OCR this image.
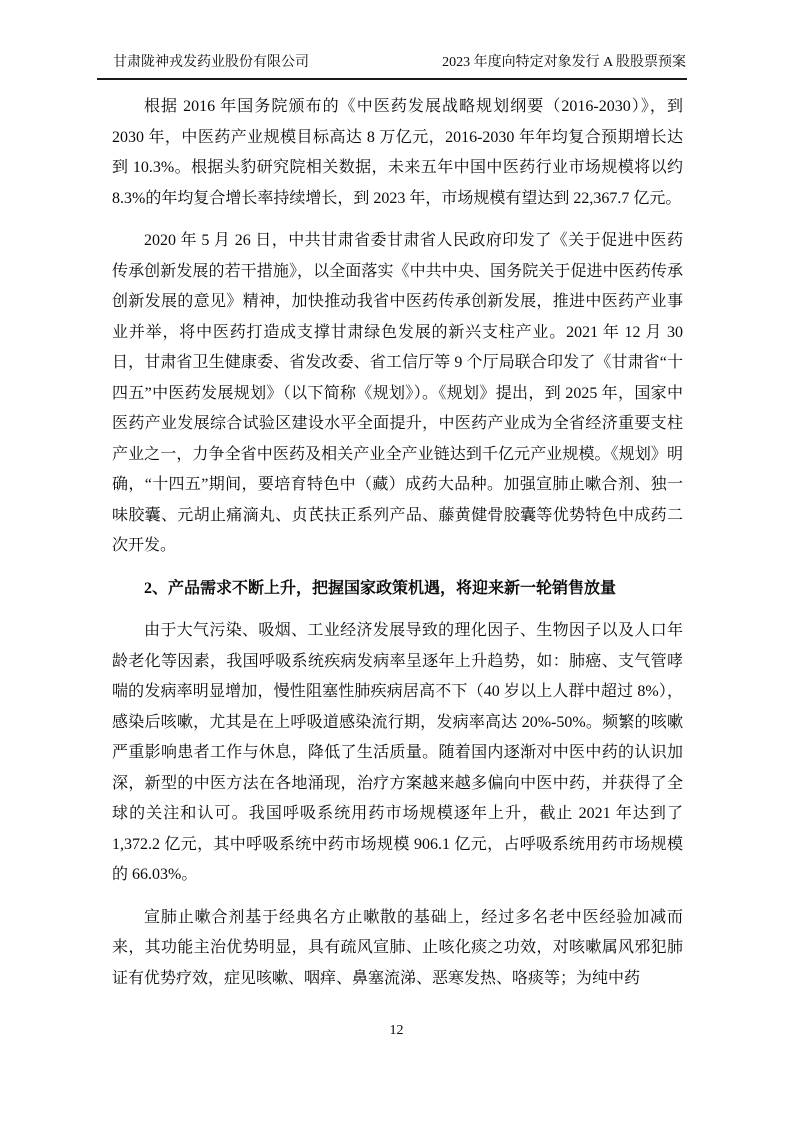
甘肃陇神戎发药业股份有限公司	2023 年度向特定对象发行 A 股股票预案

根据 2016 年国务院颁布的《中医药发展战略规划纲要（2016-2030）》，到 2030 年，中医药产业规模目标高达 8 万亿元，2016-2030 年年均复合预期增长达到 10.3%。根据头豹研究院相关数据，未来五年中国中医药行业市场规模将以约 8.3%的年均复合增长率持续增长，到 2023 年，市场规模有望达到 22,367.7 亿元。

2020 年 5 月 26 日，中共甘肃省委甘肃省人民政府印发了《关于促进中医药传承创新发展的若干措施》，以全面落实《中共中央、国务院关于促进中医药传承创新发展的意见》精神，加快推动我省中医药传承创新发展，推进中医药产业事业并举，将中医药打造成支撑甘肃绿色发展的新兴支柱产业。2021 年 12 月 30 日，甘肃省卫生健康委、省发改委、省工信厅等 9 个厅局联合印发了《甘肃省“十四五”中医药发展规划》（以下简称《规划》）。《规划》提出，到 2025 年，国家中医药产业发展综合试验区建设水平全面提升，中医药产业成为全省经济重要支柱产业之一，力争全省中医药及相关产业全产业链达到千亿元产业规模。《规划》明确，“十四五”期间，要培育特色中（藏）成药大品种。加强宣肺止嗽合剂、独一味胶囊、元胡止痛滴丸、贞芪扶正系列产品、藤黄健骨胶囊等优势特色中成药二次开发。

2、产品需求不断上升，把握国家政策机遇，将迎来新一轮销售放量

由于大气污染、吸烟、工业经济发展导致的理化因子、生物因子以及人口年龄老化等因素，我国呼吸系统疾病发病率呈逐年上升趋势，如：肺癌、支气管哮喘的发病率明显增加，慢性阻塞性肺疾病居高不下（40 岁以上人群中超过 8%），感染后咳嗽，尤其是在上呼吸道感染流行期，发病率高达 20%-50%。频繁的咳嗽严重影响患者工作与休息，降低了生活质量。随着国内逐渐对中医中药的认识加深，新型的中医方法在各地涌现，治疗方案越来越多偏向中医中药，并获得了全球的关注和认可。我国呼吸系统用药市场规模逐年上升，截止 2021 年达到了 1,372.2 亿元，其中呼吸系统中药市场规模 906.1 亿元，占呼吸系统用药市场规模的 66.03%。

宣肺止嗽合剂基于经典名方止嗽散的基础上，经过多名老中医经验加减而来，其功能主治优势明显，具有疏风宣肺、止咳化痰之功效，对咳嗽属风邪犯肺证有优势疗效，症见咳嗽、咽痒、鼻塞流涕、恶寒发热、咯痰等；为纯中药

12
